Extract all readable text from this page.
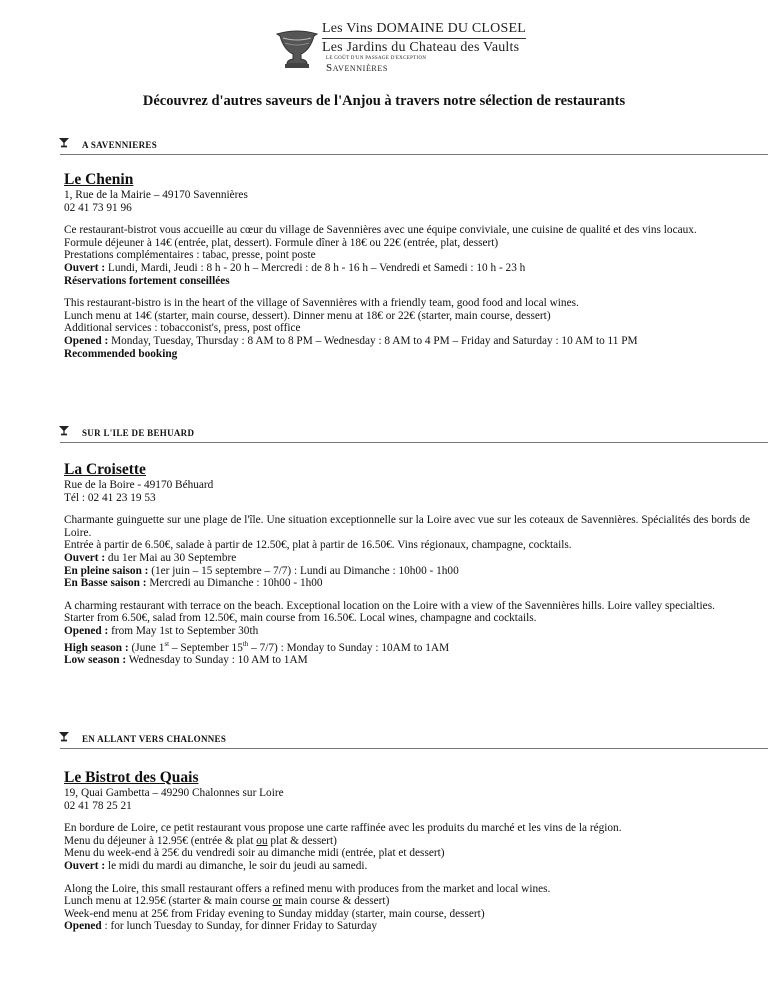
Les Vins DOMAINE DU CLOSEL
Les Jardins du Chateau des Vaults
LE GOÛT D'UN PASSAGE D'EXCEPTION
Savennières
Découvrez d'autres saveurs de l'Anjou à travers notre sélection de restaurants
A SAVENNIERES
Le Chenin

1, Rue de la Mairie – 49170 Savennières

02 41 73 91 96

Ce restaurant-bistrot vous accueille au cœur du village de Savennières avec une équipe conviviale, une cuisine de qualité et des vins locaux.

Formule déjeuner à 14€ (entrée, plat, dessert). Formule dîner à 18€ ou 22€ (entrée, plat, dessert)

Prestations complémentaires : tabac, presse, point poste

Ouvert : Lundi, Mardi, Jeudi : 8 h - 20 h – Mercredi : de 8 h - 16 h – Vendredi et Samedi : 10 h - 23 h

Réservations fortement conseillées

This restaurant-bistro is in the heart of the village of Savennières with a friendly team, good food and local wines.

Lunch menu at 14€ (starter, main course, dessert). Dinner menu at 18€ or 22€ (starter, main course, dessert)

Additional services : tobacconist's, press, post office

Opened : Monday, Tuesday, Thursday : 8 AM to 8 PM – Wednesday : 8 AM to 4 PM – Friday and Saturday : 10 AM to 11 PM

Recommended booking

SUR L'ILE DE BEHUARD
La Croisette

Rue de la Boire - 49170 Béhuard

Tél : 02 41 23 19 53

Charmante guinguette sur une plage de l'île. Une situation exceptionnelle sur la Loire avec vue sur les coteaux de Savennières. Spécialités des bords de Loire.

Entrée à partir de 6.50€, salade à partir de 12.50€, plat à partir de 16.50€. Vins régionaux, champagne, cocktails.

Ouvert : du 1er Mai au 30 Septembre

En pleine saison : (1er juin – 15 septembre – 7/7) : Lundi au Dimanche : 10h00 - 1h00

En Basse saison : Mercredi au Dimanche : 10h00 - 1h00

A charming restaurant with terrace on the beach. Exceptional location on the Loire with a view of the Savennières hills. Loire valley specialties.

Starter from 6.50€, salad from 12.50€, main course from 16.50€. Local wines, champagne and cocktails.

Opened : from May 1st to September 30th

High season : (June 1st – September 15th – 7/7) : Monday to Sunday : 10AM to 1AM

Low season : Wednesday to Sunday : 10 AM to 1AM

EN ALLANT VERS CHALONNES
Le Bistrot des Quais

19, Quai Gambetta – 49290 Chalonnes sur Loire

02 41 78 25 21

En bordure de Loire, ce petit restaurant vous propose une carte raffinée avec les produits du marché et les vins de la région.

Menu du déjeuner à 12.95€ (entrée & plat ou plat & dessert)

Menu du week-end à 25€ du vendredi soir au dimanche midi (entrée, plat et dessert)

Ouvert : le midi du mardi au dimanche, le soir du jeudi au samedi.

Along the Loire, this small restaurant offers a refined menu with produces from the market and local wines.

Lunch menu at 12.95€ (starter & main course or main course & dessert)

Week-end menu at 25€ from Friday evening to Sunday midday (starter, main course, dessert)

Opened : for lunch Tuesday to Sunday, for dinner Friday to Saturday
